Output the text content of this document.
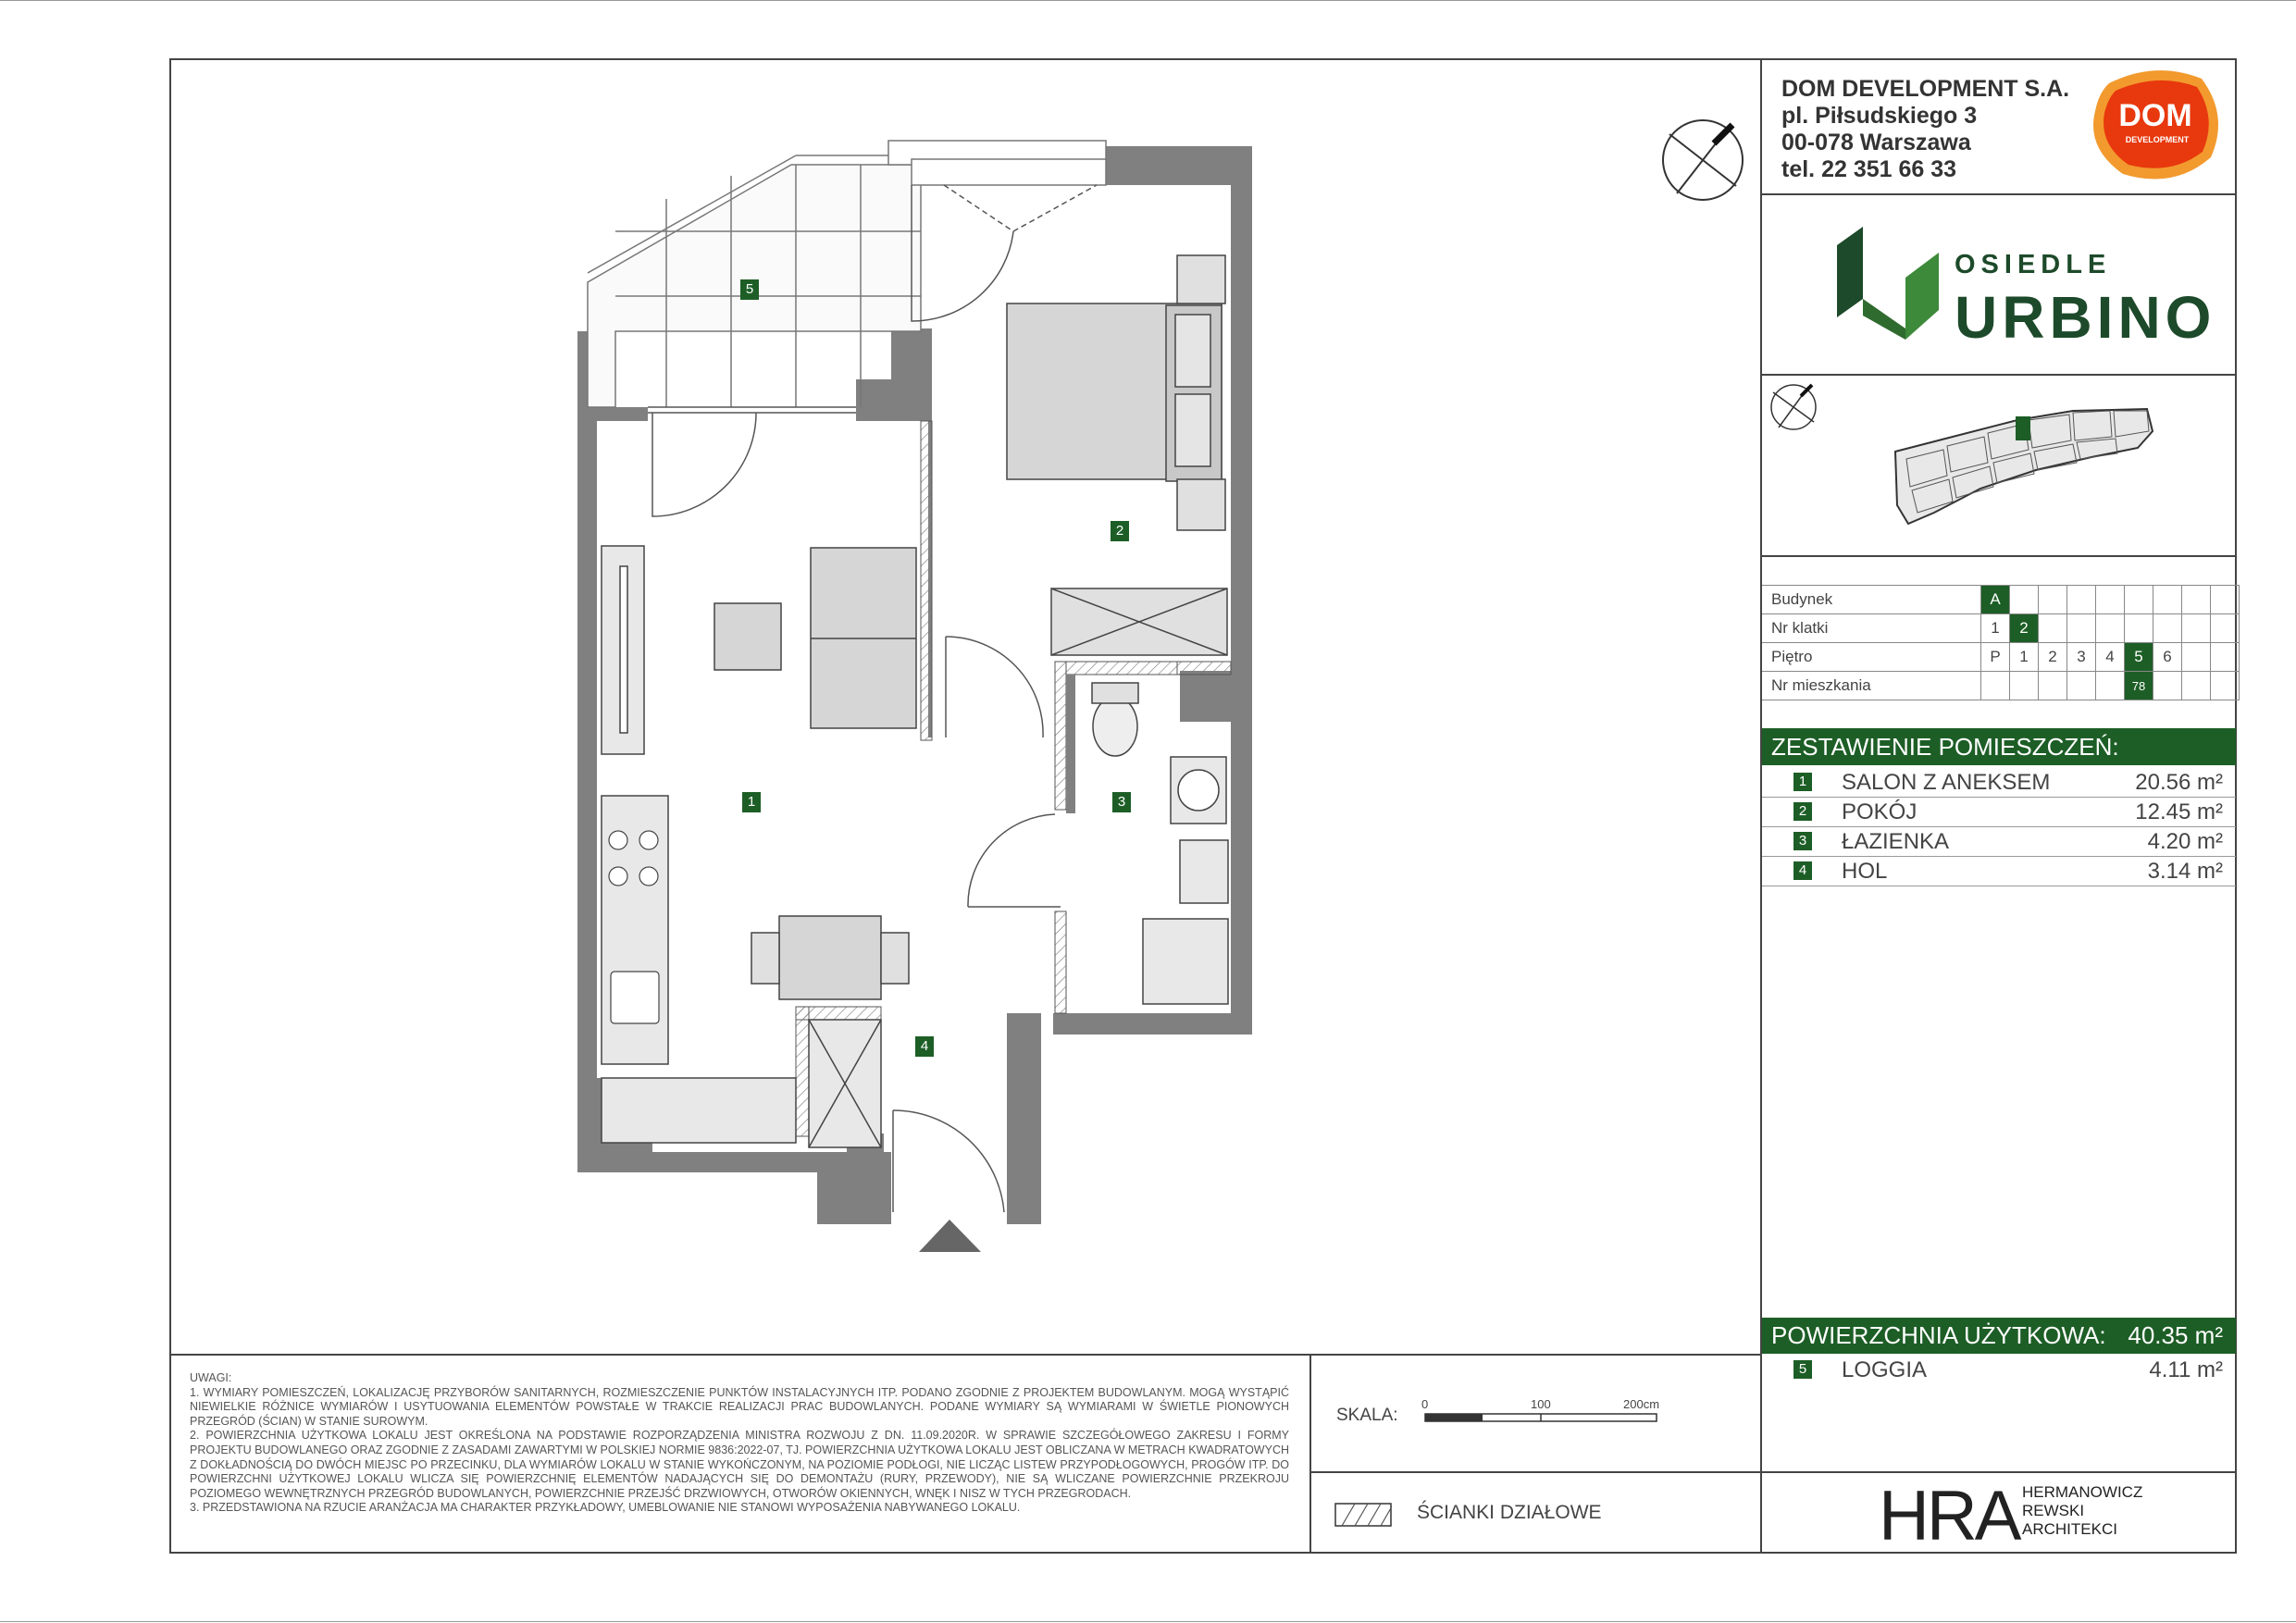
DOM DEVELOPMENT S.A.
pl. Piłsudskiego 3
00-078 Warszawa
tel. 22 351 66 33
DOM
DEVELOPMENT
OSIEDLE
URBINO
Budynek	A								
Nr klatki	1	2							
Piętro	P	1	2	3	4	5	6		
Nr mieszkania						78			
ZESTAWIENIE POMIESZCZEŃ:
1 SALON Z ANEKSEM	20.56 m²
2 POKÓJ	12.45 m²
3 ŁAZIENKA	4.20 m²
4 HOL	3.14 m²
POWIERZCHNIA UŻYTKOWA: 40.35 m²
5 LOGGIA	4.11 m²

UWAGI:

1. WYMIARY POMIESZCZEŃ, LOKALIZACJĘ PRZYBORÓW SANITARNYCH, ROZMIESZCZENIE PUNKTÓW INSTALACYJNYCH ITP. PODANO ZGODNIE Z PROJEKTEM BUDOWLANYM. MOGĄ WYSTĄPIĆ NIEWIELKIE RÓŻNICE WYMIARÓW I USYTUOWANIA ELEMENTÓW POWSTAŁE W TRAKCIE REALIZACJI PRAC BUDOWLANYCH. PODANE WYMIARY SĄ WYMIARAMI W ŚWIETLE PIONOWYCH PRZEGRÓD (ŚCIAN) W STANIE SUROWYM.

2. POWIERZCHNIA UŻYTKOWA LOKALU JEST OKREŚLONA NA PODSTAWIE ROZPORZĄDZENIA MINISTRA ROZWOJU Z DN. 11.09.2020R. W SPRAWIE SZCZEGÓŁOWEGO ZAKRESU I FORMY PROJEKTU BUDOWLANEGO ORAZ ZGODNIE Z ZASADAMI ZAWARTYMI W POLSKIEJ NORMIE 9836:2022-07, TJ. POWIERZCHNIA UŻYTKOWA LOKALU JEST OBLICZANA W METRACH KWADRATOWYCH Z DOKŁADNOŚCIĄ DO DWÓCH MIEJSC PO PRZECINKU, DLA WYMIARÓW LOKALU W STANIE WYKOŃCZONYM, NA POZIOMIE PODŁOGI, NIE LICZĄC LISTEW PRZYPODŁOGOWYCH, PROGÓW ITP. DO POWIERZCHNI UŻYTKOWEJ LOKALU WLICZA SIĘ POWIERZCHNIĘ ELEMENTÓW NADAJĄCYCH SIĘ DO DEMONTAŻU (RURY, PRZEWODY), NIE SĄ WLICZANE POWIERZCHNIE PRZEKROJU POZIOMEGO WEWNĘTRZNYCH PRZEGRÓD BUDOWLANYCH, POWIERZCHNIE PRZEJŚĆ DRZWIOWYCH, OTWORÓW OKIENNYCH, WNĘK I NISZ W TYCH PRZEGRODACH.

3. PRZEDSTAWIONA NA RZUCIE ARANŻACJA MA CHARAKTER PRZYKŁADOWY, UMEBLOWANIE NIE STANOWI WYPOSAŻENIA NABYWANEGO LOKALU.

SKALA:
0	100	200cm
ŚCIANKI DZIAŁOWE	HRA HERMANOWICZ
REWSKI
ARCHITEKCI
5
2
1	3
4
